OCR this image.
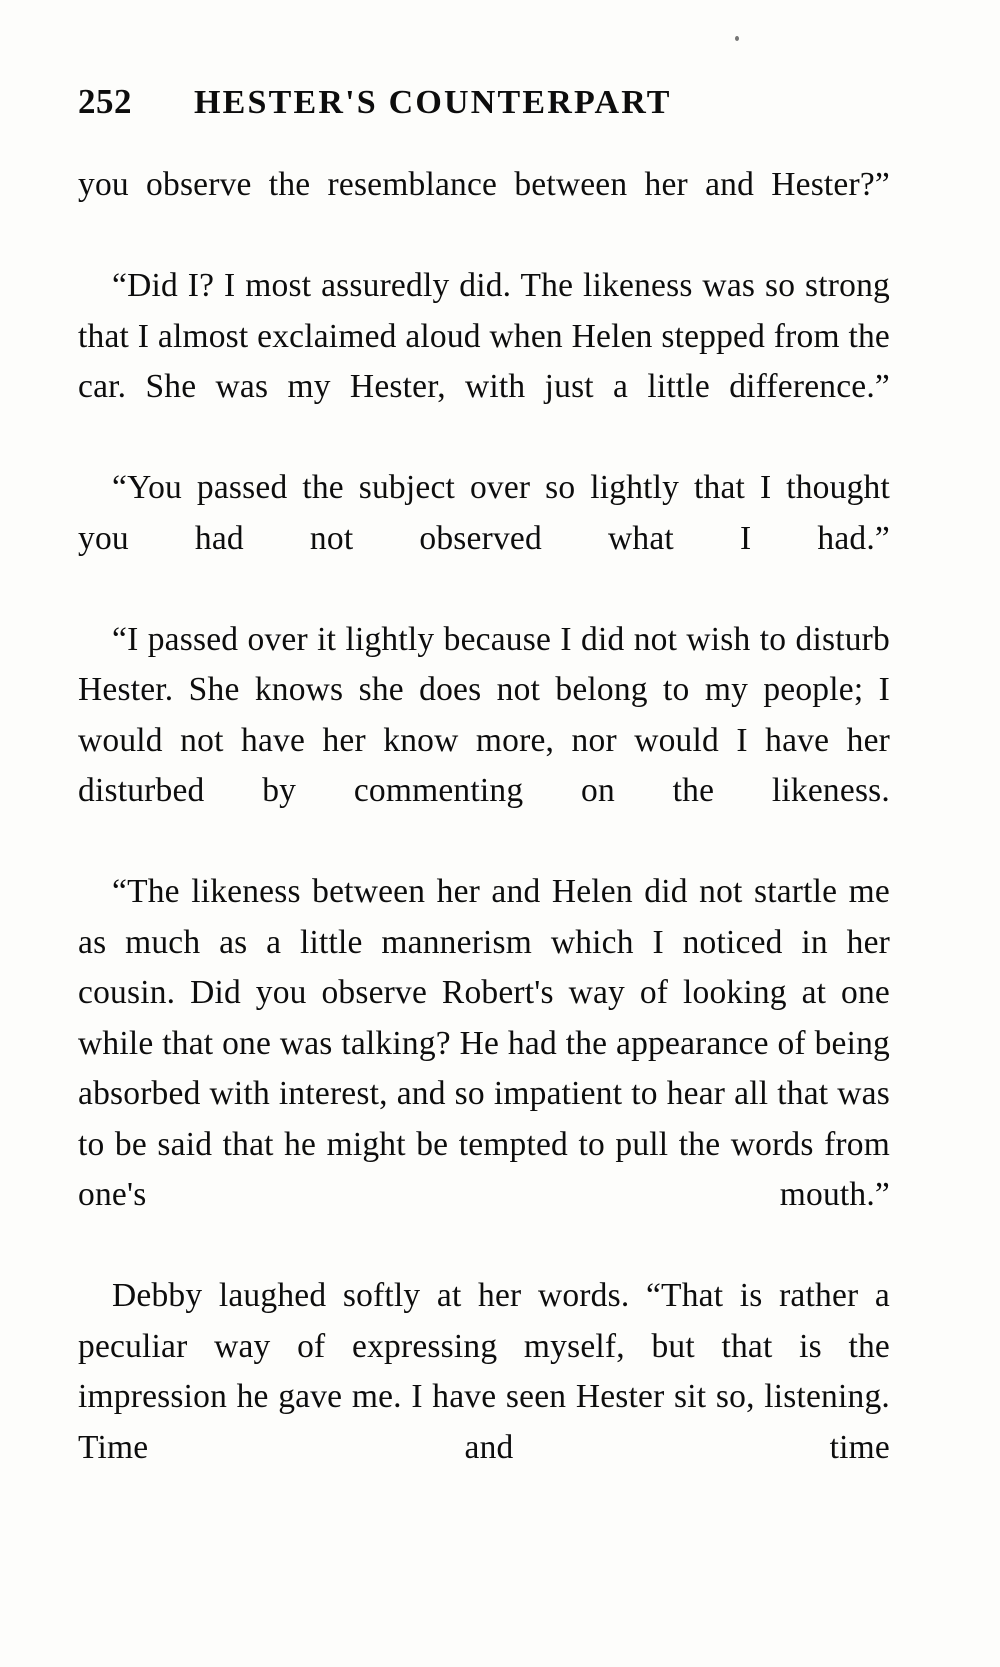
252 HESTER'S COUNTERPART

you observe the resemblance between her and Hester?”

“Did I? I most assuredly did. The likeness was so strong that I almost exclaimed aloud when Helen stepped from the car. She was my Hester, with just a little difference.”

“You passed the subject over so lightly that I thought you had not observed what I had.”

“I passed over it lightly because I did not wish to disturb Hester. She knows she does not belong to my people; I would not have her know more, nor would I have her disturbed by commenting on the likeness.

“The likeness between her and Helen did not startle me as much as a little mannerism which I noticed in her cousin. Did you observe Robert's way of looking at one while that one was talking? He had the appearance of being absorbed with interest, and so impatient to hear all that was to be said that he might be tempted to pull the words from one's mouth.”

Debby laughed softly at her words. “That is rather a peculiar way of expressing myself, but that is the impression he gave me. I have seen Hester sit so, listening. Time and time
